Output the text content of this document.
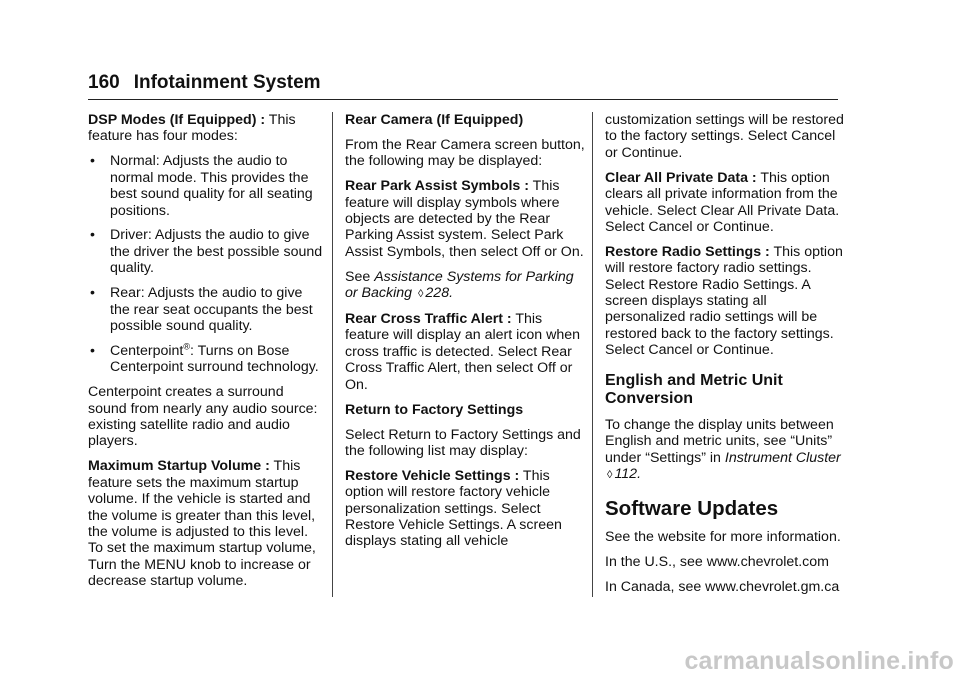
160 Infotainment System

DSP Modes (If Equipped) : This feature has four modes:

•	Normal: Adjusts the audio to normal mode. This provides the best sound quality for all seating positions.
•	Driver: Adjusts the audio to give the driver the best possible sound quality.
•	Rear: Adjusts the audio to give the rear seat occupants the best possible sound quality.
•	Centerpoint®: Turns on Bose Centerpoint surround technology.

Centerpoint creates a surround sound from nearly any audio source: existing satellite radio and audio players.

Maximum Startup Volume : This feature sets the maximum startup volume. If the vehicle is started and the volume is greater than this level, the volume is adjusted to this level. To set the maximum startup volume, Turn the MENU knob to increase or decrease startup volume.

Rear Camera (If Equipped)

From the Rear Camera screen button, the following may be displayed:

Rear Park Assist Symbols : This feature will display symbols where objects are detected by the Rear Parking Assist system. Select Park Assist Symbols, then select Off or On.

See Assistance Systems for Parking or Backing ◊ 228.

Rear Cross Traffic Alert : This feature will display an alert icon when cross traffic is detected. Select Rear Cross Traffic Alert, then select Off or On.

Return to Factory Settings

Select Return to Factory Settings and the following list may display:

Restore Vehicle Settings : This option will restore factory vehicle personalization settings. Select Restore Vehicle Settings. A screen displays stating all vehicle

customization settings will be restored to the factory settings. Select Cancel or Continue.

Clear All Private Data : This option clears all private information from the vehicle. Select Clear All Private Data. Select Cancel or Continue.

Restore Radio Settings : This option will restore factory radio settings. Select Restore Radio Settings. A screen displays stating all personalized radio settings will be restored back to the factory settings. Select Cancel or Continue.

English and Metric Unit Conversion

To change the display units between English and metric units, see “Units” under “Settings” in Instrument Cluster ◊ 112.

Software Updates

See the website for more information.

In the U.S., see www.chevrolet.com

In Canada, see www.chevrolet.gm.ca

carmanualsonline.info
